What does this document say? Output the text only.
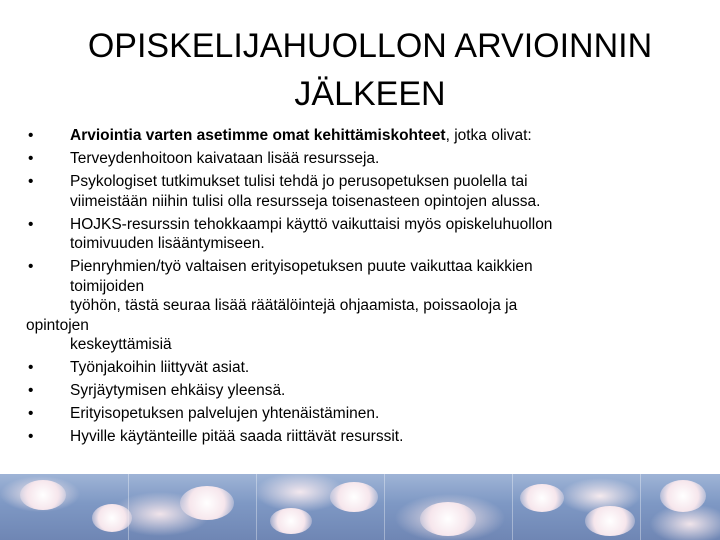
OPISKELIJAHUOLLON ARVIOINNIN
JÄLKEEN
• Arviointia varten asetimme omat kehittämiskohteet, jotka olivat:
• Terveydenhoitoon kaivataan lisää resursseja.
• Psykologiset tutkimukset tulisi tehdä jo perusopetuksen puolella tai
viimeistään niihin tulisi olla resursseja toisenasteen opintojen alussa.
• HOJKS-resurssin tehokkaampi käyttö vaikuttaisi myös opiskeluhuollon
toimivuuden lisääntymiseen.
• Pienryhmien/työ valtaisen erityisopetuksen puute vaikuttaa kaikkien
toimijoiden
työhön, tästä seuraa lisää räätälöintejä ohjaamista, poissaoloja ja
opintojen
keskeyttämisiä
• Työnjakoihin liittyvät asiat.
• Syrjäytymisen ehkäisy yleensä.
• Erityisopetuksen palvelujen yhtenäistäminen.
• Hyville käytänteille pitää saada riittävät resurssit.
